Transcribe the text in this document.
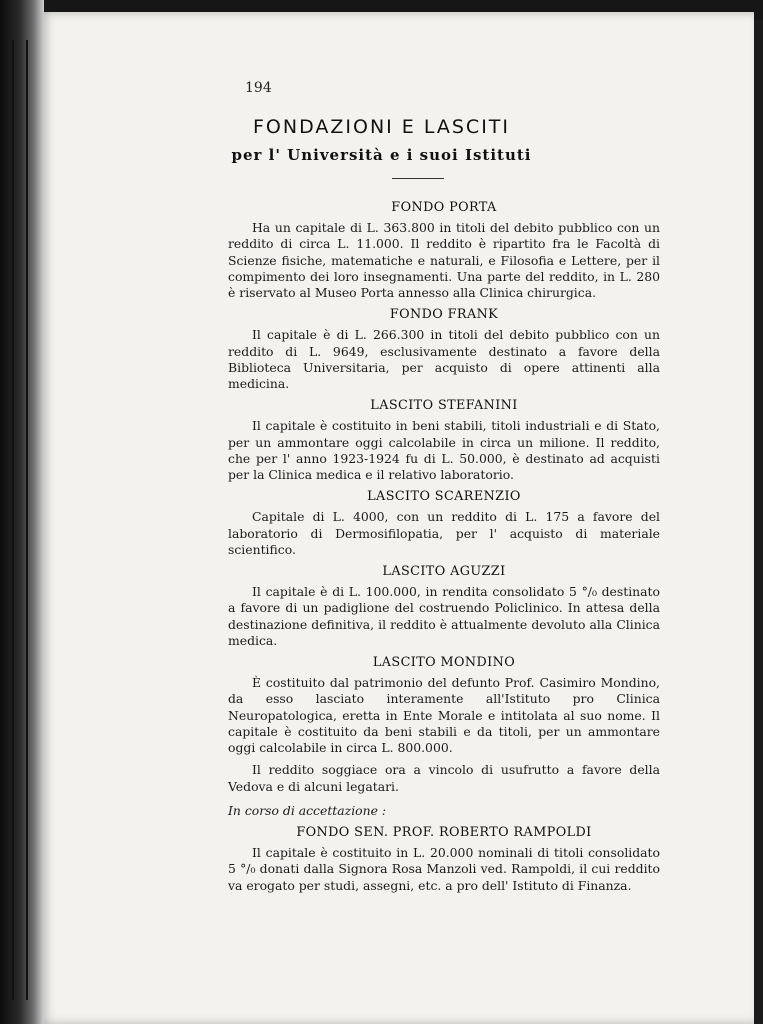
194
FONDAZIONI E LASCITI
per l' Università e i suoi Istituti
FONDO PORTA

Ha un capitale di L. 363.800 in titoli del debito pubblico con un reddito di circa L. 11.000. Il reddito è ripartito fra le Facoltà di Scienze fisiche, matematiche e naturali, e Filosofia e Lettere, per il compimento dei loro insegnamenti. Una parte del reddito, in L. 280 è riservato al Museo Porta annesso alla Clinica chirurgica.

FONDO FRANK

Il capitale è di L. 266.300 in titoli del debito pubblico con un reddito di L. 9649, esclusivamente destinato a favore della Biblioteca Universitaria, per acquisto di opere attinenti alla medicina.

LASCITO STEFANINI

Il capitale è costituito in beni stabili, titoli industriali e di Stato, per un ammontare oggi calcolabile in circa un milione. Il reddito, che per l' anno 1923-1924 fu di L. 50.000, è destinato ad acquisti per la Clinica medica e il relativo laboratorio.

LASCITO SCARENZIO

Capitale di L. 4000, con un reddito di L. 175 a favore del laboratorio di Dermosifilopatia, per l' acquisto di materiale scientifico.

LASCITO AGUZZI

Il capitale è di L. 100.000, in rendita consolidato 5 °/₀ destinato a favore di un padiglione del costruendo Policlinico. In attesa della destinazione definitiva, il reddito è attualmente devoluto alla Clinica medica.

LASCITO MONDINO

È costituito dal patrimonio del defunto Prof. Casimiro Mondino, da esso lasciato interamente all'Istituto pro Clinica Neuropatologica, eretta in Ente Morale e intitolata al suo nome. Il capitale è costituito da beni stabili e da titoli, per un ammontare oggi calcolabile in circa L. 800.000.

Il reddito soggiace ora a vincolo di usufrutto a favore della Vedova e di alcuni legatari.

In corso di accettazione :
FONDO SEN. PROF. ROBERTO RAMPOLDI

Il capitale è costituito in L. 20.000 nominali di titoli consolidato 5 °/₀ donati dalla Signora Rosa Manzoli ved. Rampoldi, il cui reddito va erogato per studi, assegni, etc. a pro dell' Istituto di Finanza.
